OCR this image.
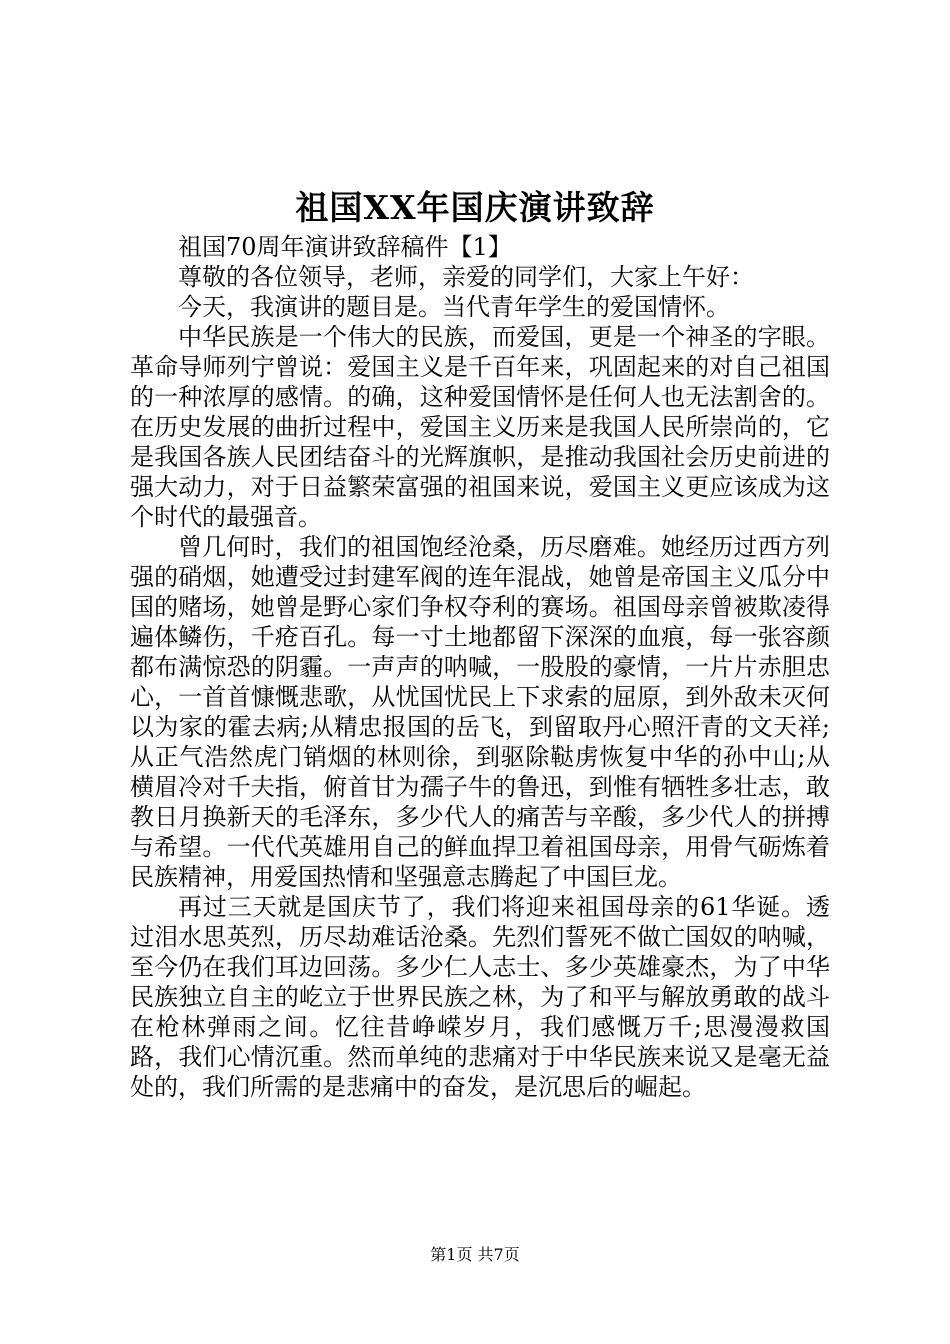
祖国XX年国庆演讲致辞

祖国70周年演讲致辞稿件【1】

尊敬的各位领导，老师，亲爱的同学们，大家上午好：

今天，我演讲的题目是。当代青年学生的爱国情怀。

中华民族是一个伟大的民族，而爱国，更是一个神圣的字眼。革命导师列宁曾说：爱国主义是千百年来，巩固起来的对自己祖国的一种浓厚的感情。的确，这种爱国情怀是任何人也无法割舍的。在历史发展的曲折过程中，爱国主义历来是我国人民所崇尚的，它是我国各族人民团结奋斗的光辉旗帜，是推动我国社会历史前进的强大动力，对于日益繁荣富强的祖国来说，爱国主义更应该成为这个时代的最强音。

曾几何时，我们的祖国饱经沧桑，历尽磨难。她经历过西方列强的硝烟，她遭受过封建军阀的连年混战，她曾是帝国主义瓜分中国的赌场，她曾是野心家们争权夺利的赛场。祖国母亲曾被欺凌得遍体鳞伤，千疮百孔。每一寸土地都留下深深的血痕，每一张容颜都布满惊恐的阴霾。一声声的呐喊，一股股的豪情，一片片赤胆忠心，一首首慷慨悲歌，从忧国忧民上下求索的屈原，到外敌未灭何以为家的霍去病;从精忠报国的岳飞，到留取丹心照汗青的文天祥;从正气浩然虎门销烟的林则徐，到驱除鞑虏恢复中华的孙中山;从横眉冷对千夫指，俯首甘为孺子牛的鲁迅，到惟有牺牲多壮志，敢教日月换新天的毛泽东，多少代人的痛苦与辛酸，多少代人的拼搏与希望。一代代英雄用自己的鲜血捍卫着祖国母亲，用骨气砺炼着民族精神，用爱国热情和坚强意志腾起了中国巨龙。

再过三天就是国庆节了，我们将迎来祖国母亲的61华诞。透过泪水思英烈，历尽劫难话沧桑。先烈们誓死不做亡国奴的呐喊，至今仍在我们耳边回荡。多少仁人志士、多少英雄豪杰，为了中华民族独立自主的屹立于世界民族之林，为了和平与解放勇敢的战斗在枪林弹雨之间。忆往昔峥嵘岁月，我们感慨万千;思漫漫救国路，我们心情沉重。然而单纯的悲痛对于中华民族来说又是毫无益处的，我们所需的是悲痛中的奋发，是沉思后的崛起。

第1页 共7页
